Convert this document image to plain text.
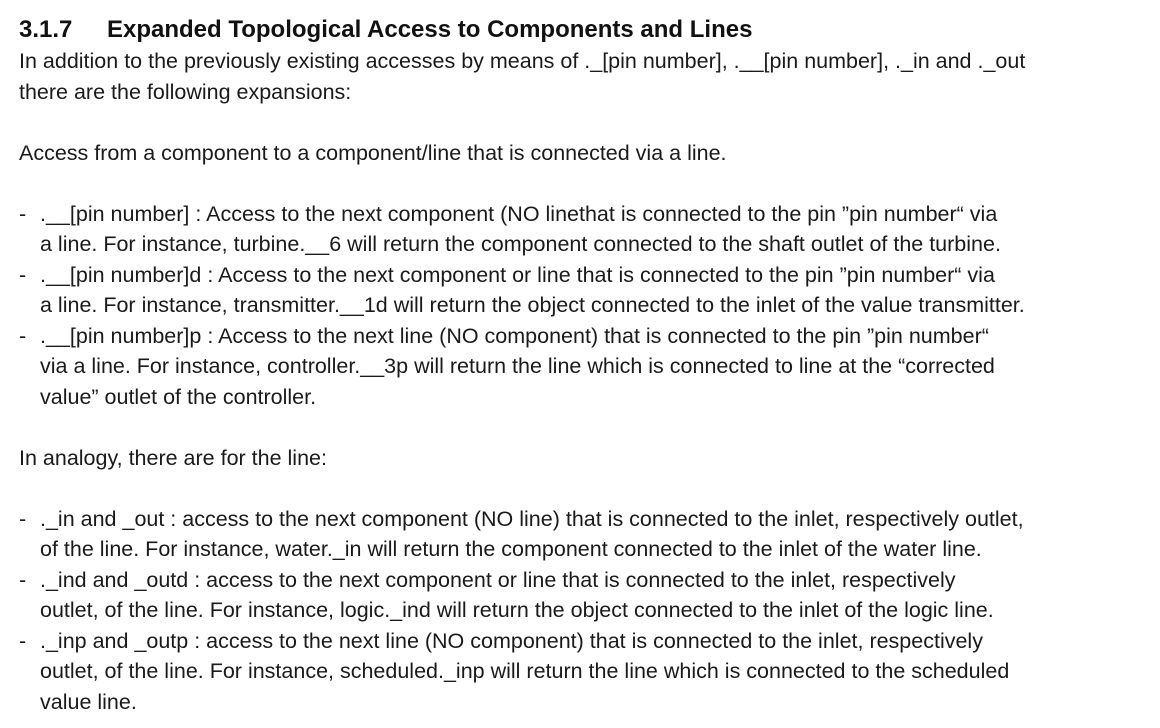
3.1.7 Expanded Topological Access to Components and Lines
In addition to the previously existing accesses by means of ._[pin number], .__[pin number], ._in and ._out
there are the following expansions:
Access from a component to a component/line that is connected via a line.
- .__[pin number] : Access to the next component (NO linethat is connected to the pin ”pin number“ via
a line. For instance, turbine.__6 will return the component connected to the shaft outlet of the turbine.
- .__[pin number]d : Access to the next component or line that is connected to the pin ”pin number“ via
a line. For instance, transmitter.__1d will return the object connected to the inlet of the value transmitter.
- .__[pin number]p : Access to the next line (NO component) that is connected to the pin ”pin number“
via a line. For instance, controller.__3p will return the line which is connected to line at the “corrected
value” outlet of the controller.
In analogy, there are for the line:
- ._in and _out : access to the next component (NO line) that is connected to the inlet, respectively outlet,
of the line. For instance, water._in will return the component connected to the inlet of the water line.
- ._ind and _outd : access to the next component or line that is connected to the inlet, respectively
outlet, of the line. For instance, logic._ind will return the object connected to the inlet of the logic line.
- ._inp and _outp : access to the next line (NO component) that is connected to the inlet, respectively
outlet, of the line. For instance, scheduled._inp will return the line which is connected to the scheduled
value line.
